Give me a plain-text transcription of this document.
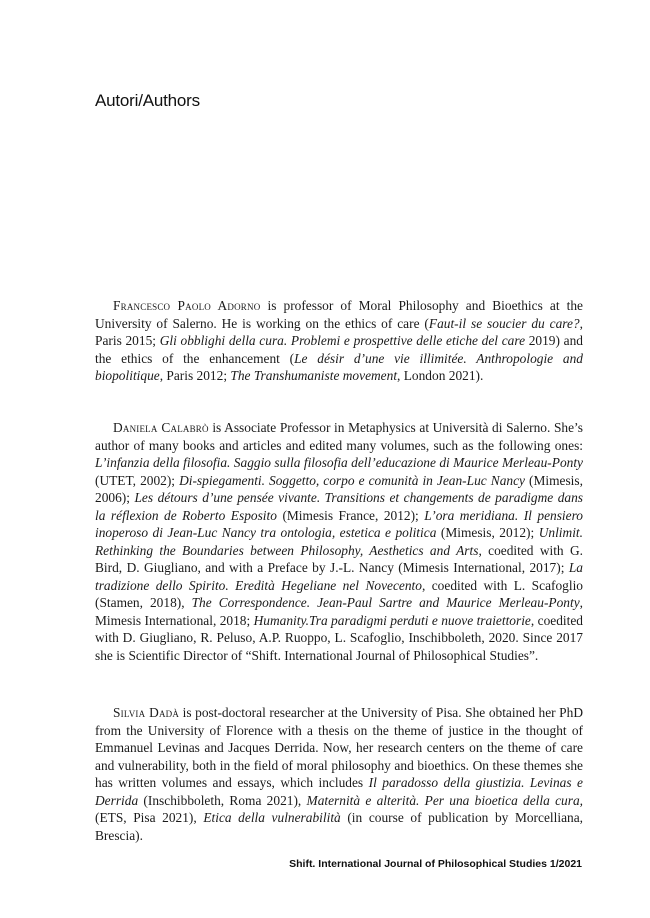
Autori/Authors

Francesco Paolo Adorno is professor of Moral Philosophy and Bioethics at the University of Salerno. He is working on the ethics of care (Faut-il se soucier du care?, Paris 2015; Gli obblighi della cura. Problemi e prospettive delle etiche del care 2019) and the ethics of the enhancement (Le désir d’une vie illimitée. Anthropologie and biopolitique, Paris 2012; The Transhumaniste movement, London 2021).

Daniela Calabrò is Associate Professor in Metaphysics at Università di Salerno. She’s author of many books and articles and edited many volumes, such as the following ones: L’infanzia della filosofia. Saggio sulla filosofia dell’educazione di Maurice Merleau-Ponty (UTET, 2002); Di-spiegamenti. Soggetto, corpo e comunità in Jean-Luc Nancy (Mimesis, 2006); Les détours d’une pensée vivante. Transitions et changements de paradigme dans la réflexion de Roberto Esposito (Mimesis France, 2012); L’ora meridiana. Il pensiero inoperoso di Jean-Luc Nancy tra ontologia, estetica e politica (Mimesis, 2012); Unlimit. Rethinking the Boundaries between Philosophy, Aesthetics and Arts, coedited with G. Bird, D. Giugliano, and with a Preface by J.-L. Nancy (Mimesis International, 2017); La tradizione dello Spirito. Eredità Hegeliane nel Novecento, coedited with L. Scafoglio (Stamen, 2018), The Correspondence. Jean-Paul Sartre and Maurice Merleau-Ponty, Mimesis International, 2018; Humanity.Tra paradigmi perduti e nuove traiettorie, coedited with D. Giugliano, R. Peluso, A.P. Ruoppo, L. Scafoglio, Inschibboleth, 2020. Since 2017 she is Scientific Director of “Shift. International Journal of Philosophical Studies”.

Silvia Dadà is post-doctoral researcher at the University of Pisa. She obtained her PhD from the University of Florence with a thesis on the theme of justice in the thought of Emmanuel Levinas and Jacques Derrida. Now, her research centers on the theme of care and vulnerability, both in the field of moral philosophy and bioethics. On these themes she has written volumes and essays, which includes Il paradosso della giustizia. Levinas e Derrida (Inschibboleth, Roma 2021), Maternità e alterità. Per una bioetica della cura, (ETS, Pisa 2021), Etica della vulnerabilità (in course of publication by Morcelliana, Brescia).

Shift. International Journal of Philosophical Studies 1/2021
